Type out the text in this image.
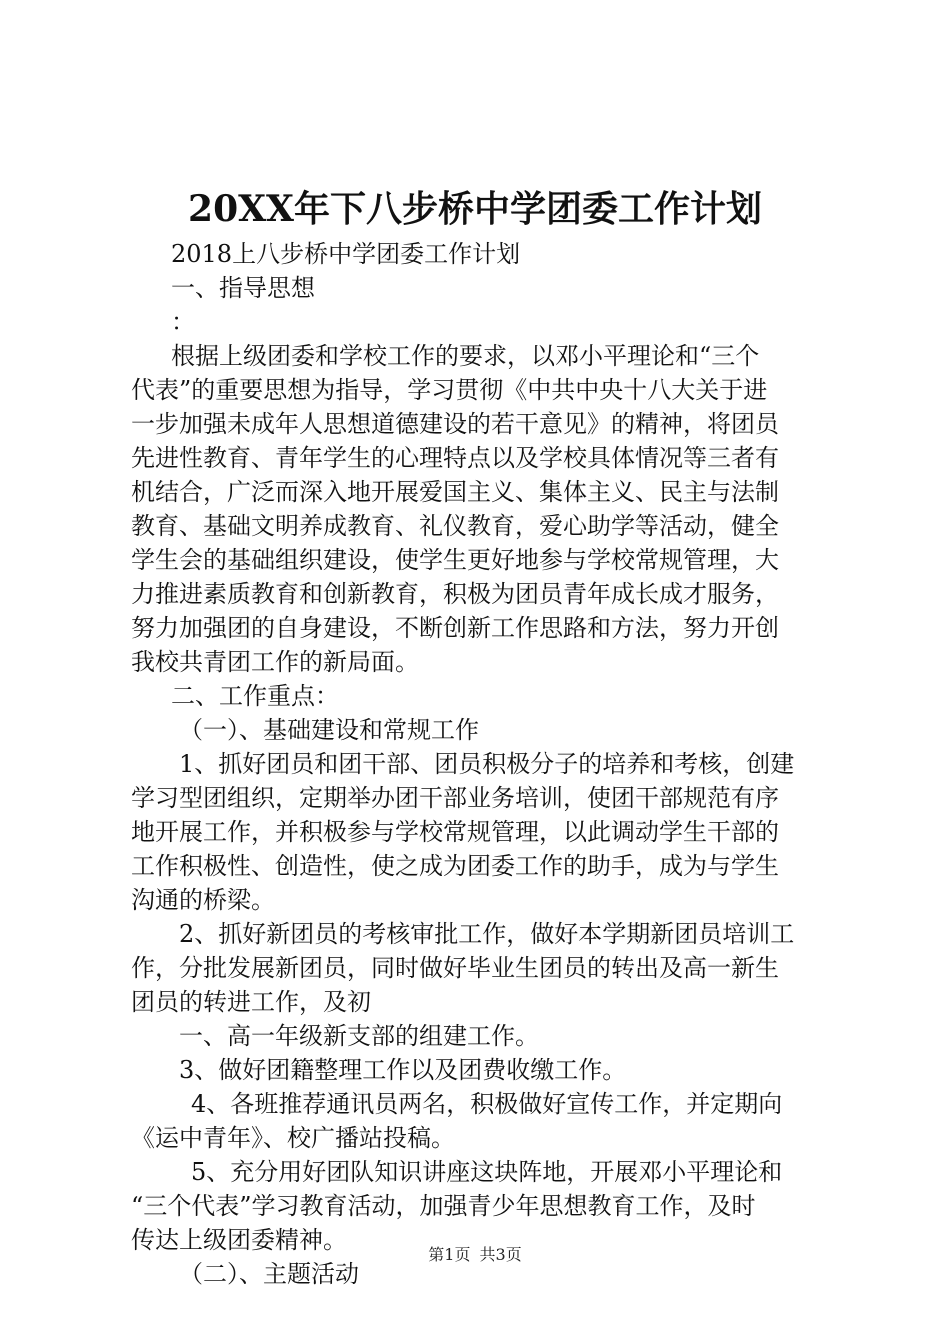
20XX年下八步桥中学团委工作计划
2018上八步桥中学团委工作计划
一、指导思想
：
根据上级团委和学校工作的要求，以邓小平理论和“三个
代表”的重要思想为指导，学习贯彻《中共中央十八大关于进
一步加强未成年人思想道德建设的若干意见》的精神，将团员
先进性教育、青年学生的心理特点以及学校具体情况等三者有
机结合，广泛而深入地开展爱国主义、集体主义、民主与法制
教育、基础文明养成教育、礼仪教育，爱心助学等活动，健全
学生会的基础组织建设，使学生更好地参与学校常规管理，大
力推进素质教育和创新教育，积极为团员青年成长成才服务，
努力加强团的自身建设，不断创新工作思路和方法，努力开创
我校共青团工作的新局面。
二、工作重点：
（一）、基础建设和常规工作
1、抓好团员和团干部、团员积极分子的培养和考核，创建
学习型团组织，定期举办团干部业务培训，使团干部规范有序
地开展工作，并积极参与学校常规管理，以此调动学生干部的
工作积极性、创造性，使之成为团委工作的助手，成为与学生
沟通的桥梁。
2、抓好新团员的考核审批工作，做好本学期新团员培训工
作，分批发展新团员，同时做好毕业生团员的转出及高一新生
团员的转进工作，及初
一、高一年级新支部的组建工作。
3、做好团籍整理工作以及团费收缴工作。
4、各班推荐通讯员两名，积极做好宣传工作，并定期向
《运中青年》、校广播站投稿。
5、充分用好团队知识讲座这块阵地，开展邓小平理论和
“三个代表”学习教育活动，加强青少年思想教育工作，及时
传达上级团委精神。
（二）、主题活动
第1页 共3页
